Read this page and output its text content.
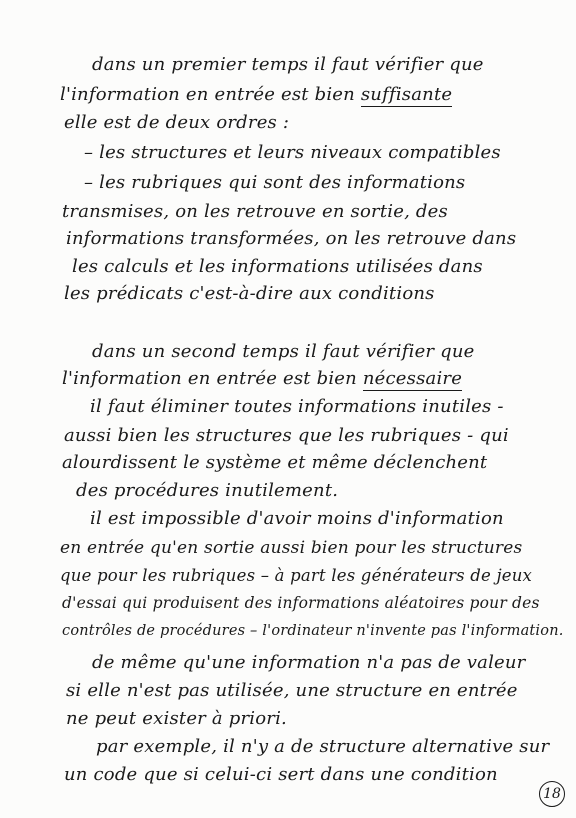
dans un premier temps il faut vérifier que
l'information en entrée est bien suffisante
elle est de deux ordres :
– les structures et leurs niveaux compatibles
– les rubriques qui sont des informations
transmises, on les retrouve en sortie, des
informations transformées, on les retrouve dans
les calculs et les informations utilisées dans
les prédicats c'est-à-dire aux conditions
dans un second temps il faut vérifier que
l'information en entrée est bien nécessaire
il faut éliminer toutes informations inutiles -
aussi bien les structures que les rubriques - qui
alourdissent le système et même déclenchent
des procédures inutilement.
il est impossible d'avoir moins d'information
en entrée qu'en sortie aussi bien pour les structures
que pour les rubriques – à part les générateurs de jeux
d'essai qui produisent des informations aléatoires pour des
contrôles de procédures – l'ordinateur n'invente pas l'information.
de même qu'une information n'a pas de valeur
si elle n'est pas utilisée, une structure en entrée
ne peut exister à priori.
par exemple, il n'y a de structure alternative sur
un code que si celui-ci sert dans une condition
18
